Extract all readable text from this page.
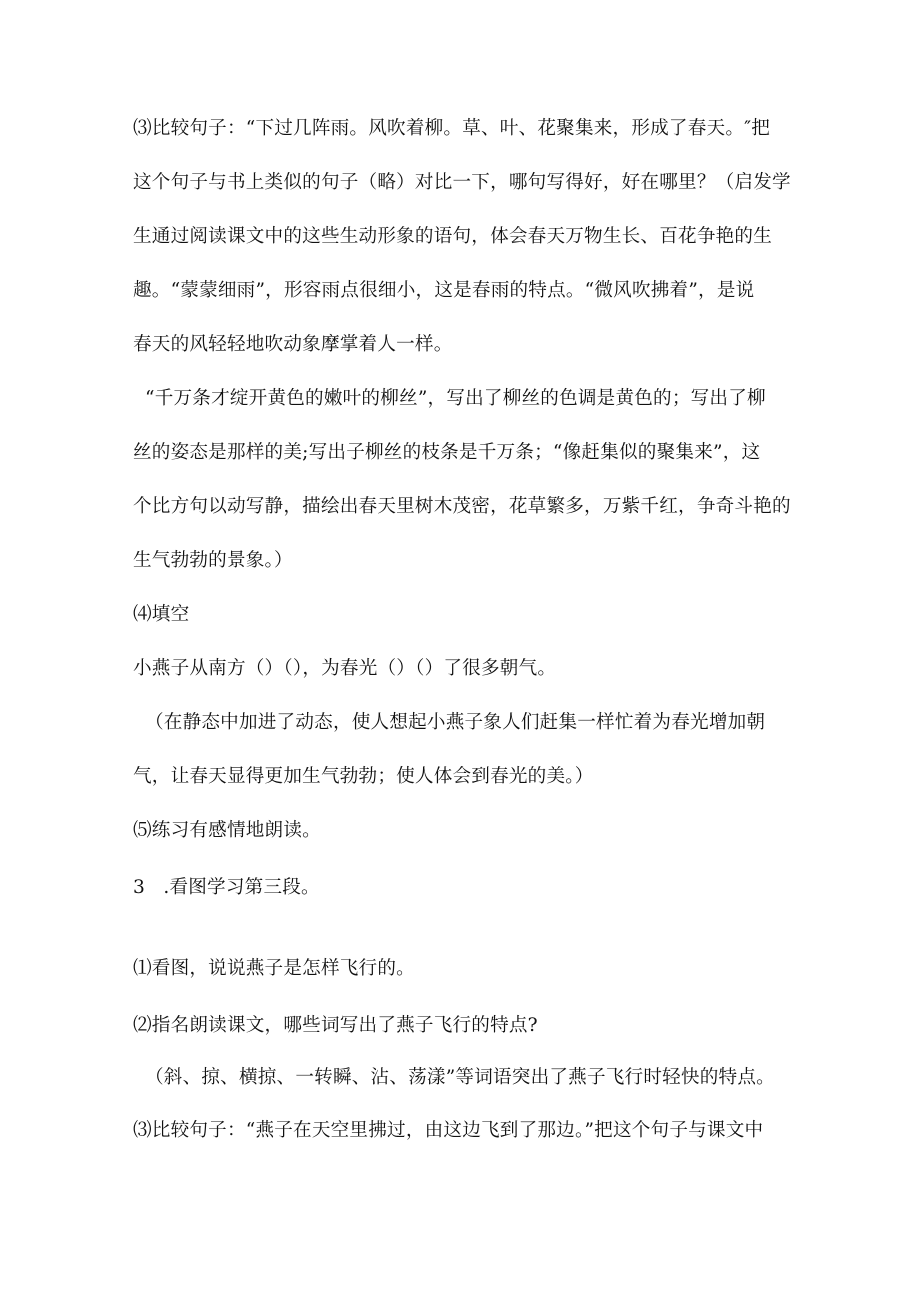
⑶比较句子：“下过几阵雨。风吹着柳。草、叶、花聚集来，形成了春天。″把
这个句子与书上类似的句子（略）对比一下，哪句写得好，好在哪里？（启发学
生通过阅读课文中的这些生动形象的语句，体会春天万物生长、百花争艳的生
趣。“蒙蒙细雨”，形容雨点很细小，这是春雨的特点。“微风吹拂着”，是说
春天的风轻轻地吹动象摩掌着人一样。
“千万条才绽开黄色的嫩叶的柳丝”，写出了柳丝的色调是黄色的；写出了柳
丝的姿态是那样的美;写出子柳丝的枝条是千万条；“像赶集似的聚集来”，这
个比方句以动写静，描绘出春天里树木茂密，花草繁多，万紫千红，争奇斗艳的
生气勃勃的景象。）
⑷填空
小燕子从南方（）（），为春光（）（）了很多朝气。
（在静态中加进了动态，使人想起小燕子象人们赶集一样忙着为春光增加朝
气，让春天显得更加生气勃勃；使人体会到春光的美。）
⑸练习有感情地朗读。
3   .看图学习第三段。
⑴看图，说说燕子是怎样飞行的。
⑵指名朗读课文，哪些词写出了燕子飞行的特点?
（斜、掠、横掠、一转瞬、沾、荡漾”等词语突出了燕子飞行时轻快的特点。
⑶比较句子：“燕子在天空里拂过，由这边飞到了那边。”把这个句子与课文中
